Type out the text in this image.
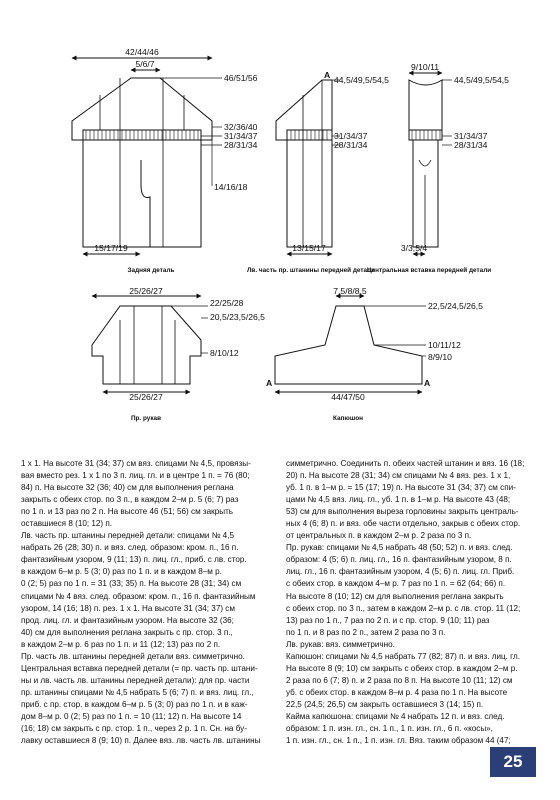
42/44/46
5/6/7
46/51/56
32/36/40
31/34/37
28/31/34
14/16/18
15/17/19
Задняя деталь
A 44,5/49,5/54,5
31/34/37
28/31/34
13/15/17
Лв. часть пр. штанины передней детали
9/10/11
44,5/49,5/54,5
31/34/37
28/31/34
3/3,5/4
Центральная вставка передней детали
25/26/27
22/25/28
20,5/23,5/26,5
8/10/12
25/26/27
Пр. рукав
7,5/8/8,5
22,5/24,5/26,5
10/11/12
8/9/10
A	A
44/47/50
Капюшон

1 х 1. На высоте 31 (34; 37) см вяз. спицами № 4,5, провязы-

вая вместо рез. 1 х 1 по 3 п. лиц. гл. и в центре 1 п. = 76 (80;

84) п. На высоте 32 (36; 40) см для выполнения реглана

закрыть с обеих стор. по 3 п., в каждом 2–м р. 5 (6; 7) раз

по 1 п. и 13 раз по 2 п. На высоте 46 (51; 56) см закрыть

оставшиеся 8 (10; 12) п.

Лв. часть пр. штанины передней детали: спицами № 4,5

набрать 26 (28; 30) п. и вяз. след. образом: кром. п., 16 п.

фантазийным узором, 9 (11; 13) п. лиц. гл., приб. с лв. стор.

в каждом 6–м р. 5 (3; 0) раз по 1 п. и в каждом 8–м р.

0 (2; 5) раз по 1 п. = 31 (33; 35) п. На высоте 28 (31; 34) см

спицами № 4 вяз. след. образом: кром. п., 16 п. фантазийным

узором, 14 (16; 18) п. рез. 1 х 1. На высоте 31 (34; 37) см

прод. лиц. гл. и фантазийным узором. На высоте 32 (36;

40) см для выполнения реглана закрыть с пр. стор. 3 п.,

в каждом 2–м р. 6 раз по 1 п. и 11 (12; 13) раз по 2 п.

Пр. часть лв. штанины передней детали вяз. симметрично.

Центральная вставка передней детали (= пр. часть пр. штани-

ны и лв. часть лв. штанины передней детали): для пр. части

пр. штанины спицами № 4,5 набрать 5 (6; 7) п. и вяз. лиц. гл.,

приб. с пр. стор. в каждом 6–м р. 5 (3; 0) раз по 1 п. и в каж-

дом 8–м р. 0 (2; 5) раз по 1 п. = 10 (11; 12) п. На высоте 14

(16; 18) см закрыть с пр. стор. 1 п., через 2 р. 1 п. Сн. на бу-

лавку оставшиеся 8 (9; 10) п. Далее вяз. лв. часть лв. штанины

симметрично. Соединить п. обеих частей штанин и вяз. 16 (18;

20) п. На высоте 28 (31; 34) см спицами № 4 вяз. рез. 1 х 1,

уб. 1 п. в 1–м р. = 15 (17; 19) п. На высоте 31 (34; 37) см спи-

цами № 4,5 вяз. лиц. гл., уб. 1 п. в 1–м р. На высоте 43 (48;

53) см для выполнения выреза горловины закрыть централь-

ных 4 (6; 8) п. и вяз. обе части отдельно, закрыв с обеих стор.

от центральных п. в каждом 2–м р. 2 раза по 3 п.

Пр. рукав: спицами № 4,5 набрать 48 (50; 52) п. и вяз. след.

образом: 4 (5; 6) п. лиц. гл., 16 п. фантазийным узором, 8 п.

лиц. гл., 16 п. фантазийным узором, 4 (5; 6) п. лиц. гл. Приб.

с обеих стор. в каждом 4–м р. 7 раз по 1 п. = 62 (64; 66) п.

На высоте 8 (10; 12) см для выполнения реглана закрыть

с обеих стор. по 3 п., затем в каждом 2–м р. с лв. стор. 11 (12;

13) раз по 1 п., 7 раз по 2 п. и с пр. стор. 9 (10; 11) раз

по 1 п. и 8 раз по 2 п., затем 2 раза по 3 п.

Лв. рукав: вяз. симметрично.

Капюшон: спицами № 4,5 набрать 77 (82; 87) п. и вяз. лиц. гл.

На высоте 8 (9; 10) см закрыть с обеих стор. в каждом 2–м р.

2 раза по 6 (7; 8) п. и 2 раза по 8 п. На высоте 10 (11; 12) см

уб. с обеих стор. в каждом 8–м р. 4 раза по 1 п. На высоте

22,5 (24,5; 26,5) см закрыть оставшиеся 3 (14; 15) п.

Кайма капюшона: спицами № 4 набрать 12 п. и вяз. след.

образом: 1 п. изн. гл., сн. 1 п., 1 п. изн. гл., 6 п. «косы»,

1 п. изн. гл., сн. 1 п., 1 п. изн. гл. Вяз. таким образом 44 (47;

25
